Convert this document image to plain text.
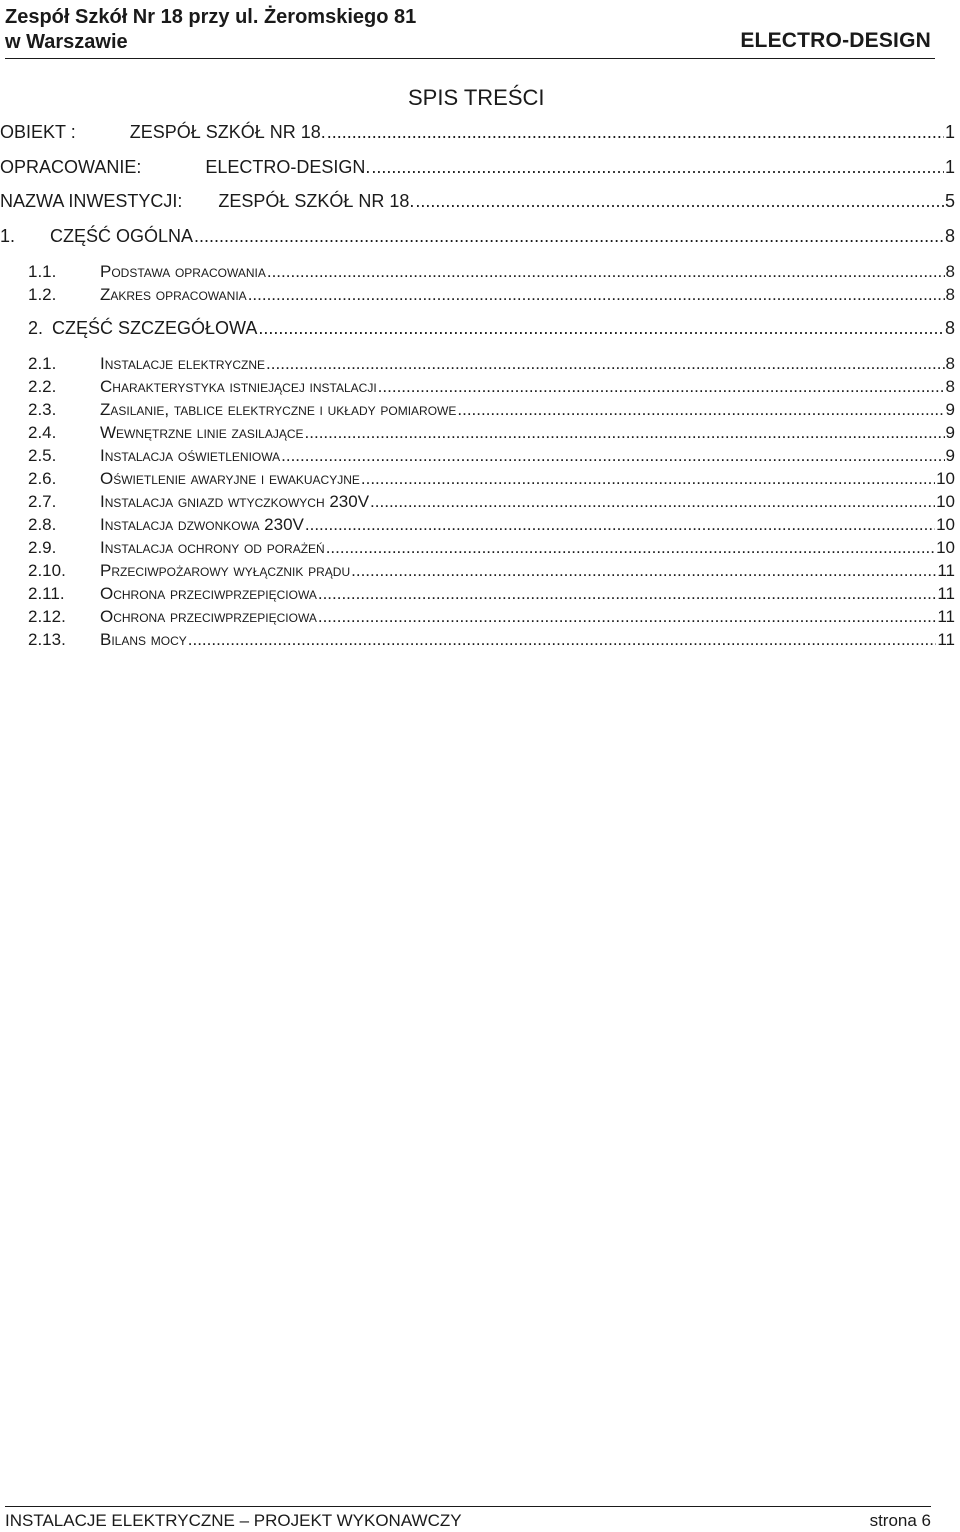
Zespół Szkół Nr 18 przy ul. Żeromskiego 81
w Warszawie	ELECTRO-DESIGN
SPIS TREŚCI
OBIEKT :	ZESPÓŁ SZKÓŁ NR 18. .....	1
OPRACOWANIE:	ELECTRO-DESIGN. .....	1
NAZWA INWESTYCJI: ZESPÓŁ SZKÓŁ NR 18. .....	5
1.	CZĘŚĆ OGÓLNA .....	8
1.1.	Podstawa opracowania .....	8
1.2.	Zakres opracowania .....	8
2. CZĘŚĆ SZCZEGÓŁOWA .....	8
2.1.	Instalacje elektryczne .....	8
2.2.	Charakterystyka istniejącej instalacji .....	8
2.3.	Zasilanie, tablice elektryczne i układy pomiarowe .....	9
2.4.	Wewnętrzne linie zasilające .....	9
2.5.	Instalacja oświetleniowa .....	9
2.6.	Oświetlenie awaryjne i ewakuacyjne .....	10
2.7.	Instalacja gniazd wtyczkowych 230V .....	10
2.8.	Instalacja dzwonkowa 230V .....	10
2.9.	Instalacja ochrony od porażeń .....	10
2.10.	Przeciwpożarowy wyłącznik prądu .....	11
2.11.	Ochrona przeciwprzepięciowa .....	11
2.12.	Ochrona przeciwprzepięciowa .....	11
2.13.	Bilans mocy .....	11
INSTALACJE ELEKTRYCZNE – PROJEKT WYKONAWCZY	strona 6
